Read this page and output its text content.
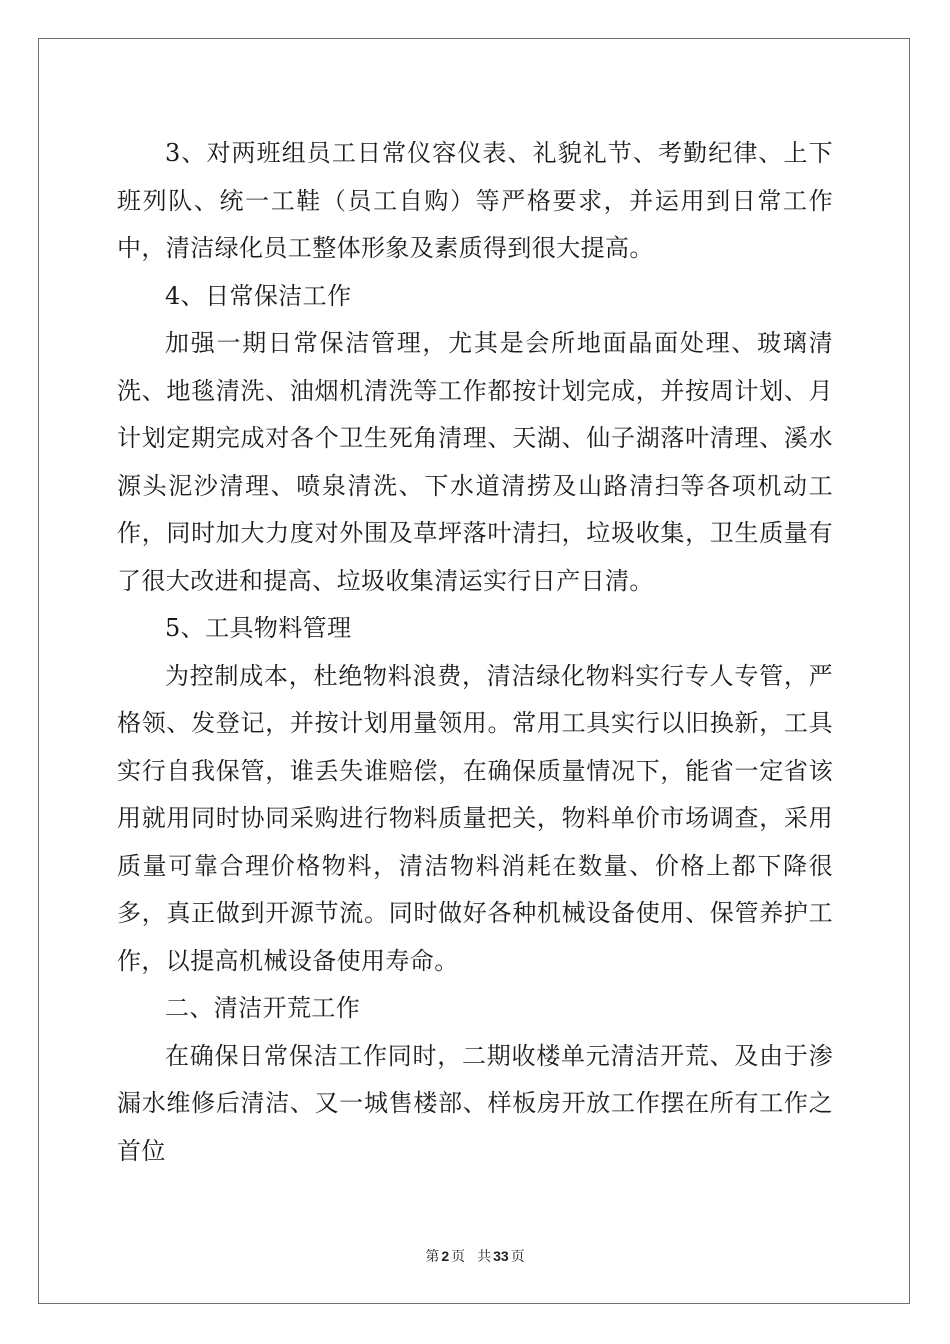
3、对两班组员工日常仪容仪表、礼貌礼节、考勤纪律、上下班列队、统一工鞋（员工自购）等严格要求，并运用到日常工作中，清洁绿化员工整体形象及素质得到很大提高。

4、日常保洁工作

加强一期日常保洁管理，尤其是会所地面晶面处理、玻璃清洗、地毯清洗、油烟机清洗等工作都按计划完成，并按周计划、月计划定期完成对各个卫生死角清理、天湖、仙子湖落叶清理、溪水源头泥沙清理、喷泉清洗、下水道清捞及山路清扫等各项机动工作，同时加大力度对外围及草坪落叶清扫，垃圾收集，卫生质量有了很大改进和提高、垃圾收集清运实行日产日清。

5、工具物料管理

为控制成本，杜绝物料浪费，清洁绿化物料实行专人专管，严格领、发登记，并按计划用量领用。常用工具实行以旧换新，工具实行自我保管，谁丢失谁赔偿，在确保质量情况下，能省一定省该用就用同时协同采购进行物料质量把关，物料单价市场调查，采用质量可靠合理价格物料，清洁物料消耗在数量、价格上都下降很多，真正做到开源节流。同时做好各种机械设备使用、保管养护工作，以提高机械设备使用寿命。

二、清洁开荒工作

在确保日常保洁工作同时，二期收楼单元清洁开荒、及由于渗漏水维修后清洁、又一城售楼部、样板房开放工作摆在所有工作之首位

第 2 页 共 33 页
